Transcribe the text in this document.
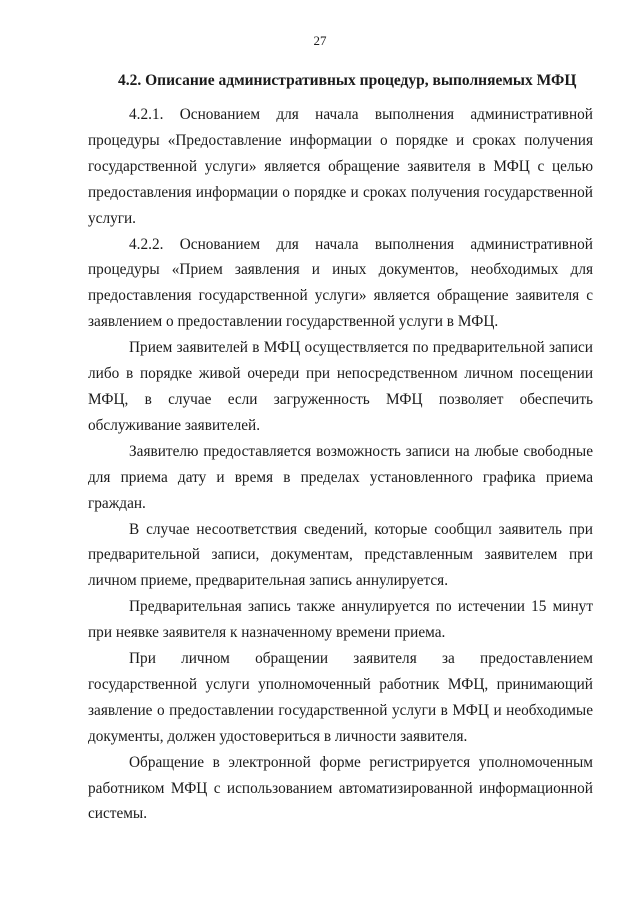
27
4.2. Описание административных процедур, выполняемых МФЦ

4.2.1. Основанием для начала выполнения административной процедуры «Предоставление информации о порядке и сроках получения государственной услуги» является обращение заявителя в МФЦ с целью предоставления информации о порядке и сроках получения государственной услуги.

4.2.2. Основанием для начала выполнения административной процедуры «Прием заявления и иных документов, необходимых для предоставления государственной услуги» является обращение заявителя с заявлением о предоставлении государственной услуги в МФЦ.

Прием заявителей в МФЦ осуществляется по предварительной записи либо в порядке живой очереди при непосредственном личном посещении МФЦ, в случае если загруженность МФЦ позволяет обеспечить обслуживание заявителей.

Заявителю предоставляется возможность записи на любые свободные для приема дату и время в пределах установленного графика приема граждан.

В случае несоответствия сведений, которые сообщил заявитель при предварительной записи, документам, представленным заявителем при личном приеме, предварительная запись аннулируется.

Предварительная запись также аннулируется по истечении 15 минут при неявке заявителя к назначенному времени приема.

При личном обращении заявителя за предоставлением государственной услуги уполномоченный работник МФЦ, принимающий заявление о предоставлении государственной услуги в МФЦ и необходимые документы, должен удостовериться в личности заявителя.

Обращение в электронной форме регистрируется уполномоченным работником МФЦ с использованием автоматизированной информационной системы.
